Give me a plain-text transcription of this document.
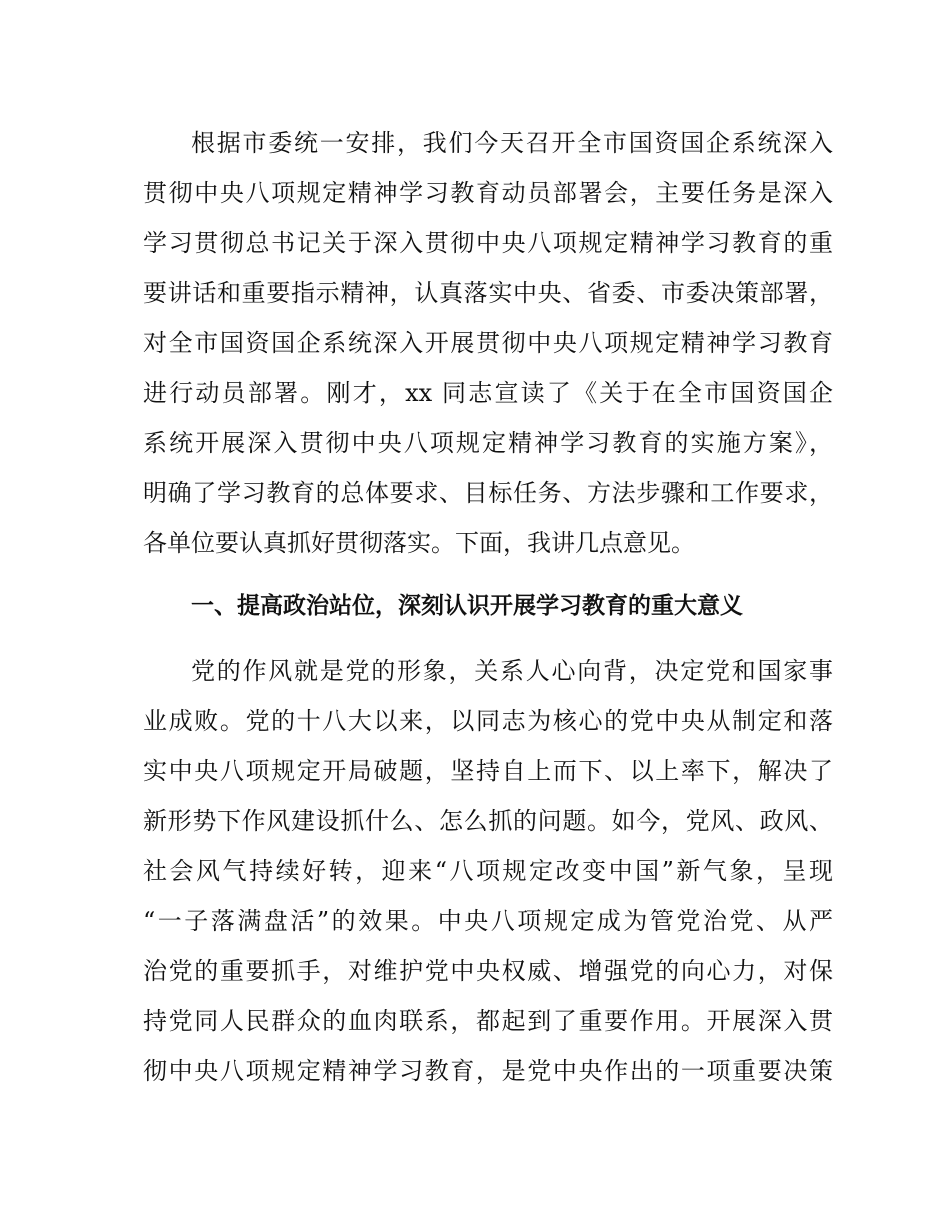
根据市委统一安排，我们今天召开全市国资国企系统深入
贯彻中央八项规定精神学习教育动员部署会，主要任务是深入
学习贯彻总书记关于深入贯彻中央八项规定精神学习教育的重
要讲话和重要指示精神，认真落实中央、省委、市委决策部署，
对全市国资国企系统深入开展贯彻中央八项规定精神学习教育
进行动员部署。刚才，xx 同志宣读了《关于在全市国资国企
系统开展深入贯彻中央八项规定精神学习教育的实施方案》，
明确了学习教育的总体要求、目标任务、方法步骤和工作要求，
各单位要认真抓好贯彻落实。下面，我讲几点意见。
一、提高政治站位，深刻认识开展学习教育的重大意义
党的作风就是党的形象，关系人心向背，决定党和国家事
业成败。党的十八大以来，以同志为核心的党中央从制定和落
实中央八项规定开局破题，坚持自上而下、以上率下，解决了
新形势下作风建设抓什么、怎么抓的问题。如今，党风、政风、
社会风气持续好转，迎来“八项规定改变中国”新气象，呈现
“一子落满盘活”的效果。中央八项规定成为管党治党、从严
治党的重要抓手，对维护党中央权威、增强党的向心力，对保
持党同人民群众的血肉联系，都起到了重要作用。开展深入贯
彻中央八项规定精神学习教育，是党中央作出的一项重要决策
